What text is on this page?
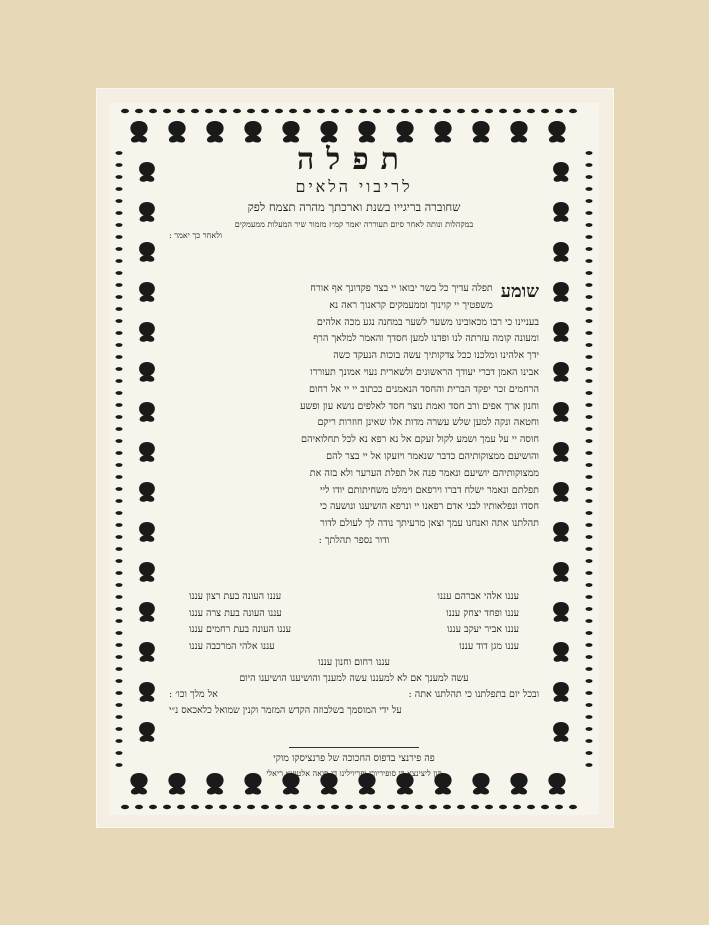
תפלה
לריבוי הלאים
שחוברה בריגייו בשנת וארכתך מהרה תצמח לפק
במקהלות ונותה לאחר סיום תעוררה יאמר קמ״ז מזמור שיר המעלות ממעמקים
ולאחר כך יאמר :
שומע
תפלה עדיך כל בשר יבואו יי בצר פקדונך אף אורח
משפטיך יי קוינוך וממעמקים קראנוך ראה נא
בעניינו כי רבו מכאובינו משער לשער במחנה נגע מכה אלהים
ומעונה קומה עזרתה לנו ופדנו למען חסדך והאמר למלאך הרף
ידך אלהינו ומלכנו ככל צדקותיך עשה בוכות הנעקד כשה
אבינו האמן דברי יעודך הראשונים ולשארית נעוי אמונך תעוררו
הרחמים זכר יפקד הברית והחסד הנאמנים ככתוב יי יי אל רחום
וחנון ארך אפים ורב חסד ואמת נוצר חסד לאלפים נושא עון ופשע
וחטאה ונקה למען שלש עשרה מדות אלו שאינן חוזרות ריקם
חוסה יי על עמך ושמע לקול זעקם אל נא רפא נא לכל תחלואיהם
והושיעם ממצוקותיהם כדבר שנאמר ויזעקו אל יי בצר להם
ממצוקותיהם יושיעם ונאמר פנה אל תפלת הערער ולא בזה את
תפלתם ונאמר ישלח דברו וירפאם וימלט משחיתותם יודו ליי
חסדו ונפלאותיו לבני אדם רפאנו יי ונרפא הושיענו ונושעה כי
תהלתנו אתה ואנחנו עמך וצאן מרעיתך נודה לך לעולם לדור
ודור נספר תהלתך :
עננו אלהי אברהם עננו
עננו העונה בעת רצון עננו
עננו ופחד יצחק עננו
עננו העונה בעת צרה עננו
עננו אביר יעקב עננו
עננו העונה בעת רחמים עננו
עננו מגן דוד עננו
עננו אלהי המרכבה עננו
עננו רחום וחנון עננו
עשה למענך אם לא למעננו עשה למענך והושיענו הושיענו היום
ובכל יום בתפלתנו כי תהלתנו אתה :
אל מלך וכו׳ :
על ידי המוסמך בשלבוזה הקדש המזמר וקנין שמואל כלאכאס נ״י
פה פירנצי בדפוס החכוכה של פרנציסקו מוקי
קון ליצינצא די סופיריורי ופריוילינו די סואה אלטיצא ריאלי
